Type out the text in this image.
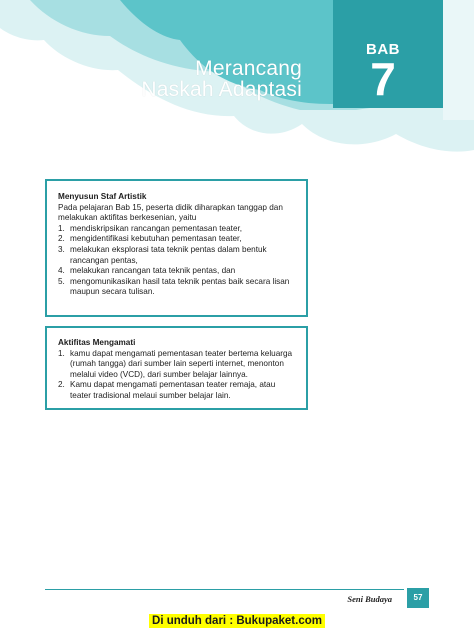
Merancang
Naskah Adaptasi
BAB
7

Menyusun Staf Artistik

Pada pelajaran Bab 15, peserta didik diharapkan tanggap dan melakukan aktifitas berkesenian, yaitu

1. mendiskripsikan rancangan pementasan teater,
2. mengidentifikasi kebutuhan pementasan teater,
3. melakukan eksplorasi tata teknik pentas dalam bentuk rancangan pentas,
4. melakukan rancangan tata teknik pentas, dan
5. mengomunikasikan hasil tata teknik pentas baik secara lisan maupun secara tulisan.

Aktifitas Mengamati

1. kamu dapat mengamati pementasan teater bertema keluarga (rumah tangga) dari sumber lain seperti internet, menonton melalui video (VCD), dari sumber belajar lainnya.
2. Kamu dapat mengamati pementasan teater remaja, atau teater tradisional melaui sumber belajar lain.
Seni Budaya	57
Di unduh dari : Bukupaket.com
